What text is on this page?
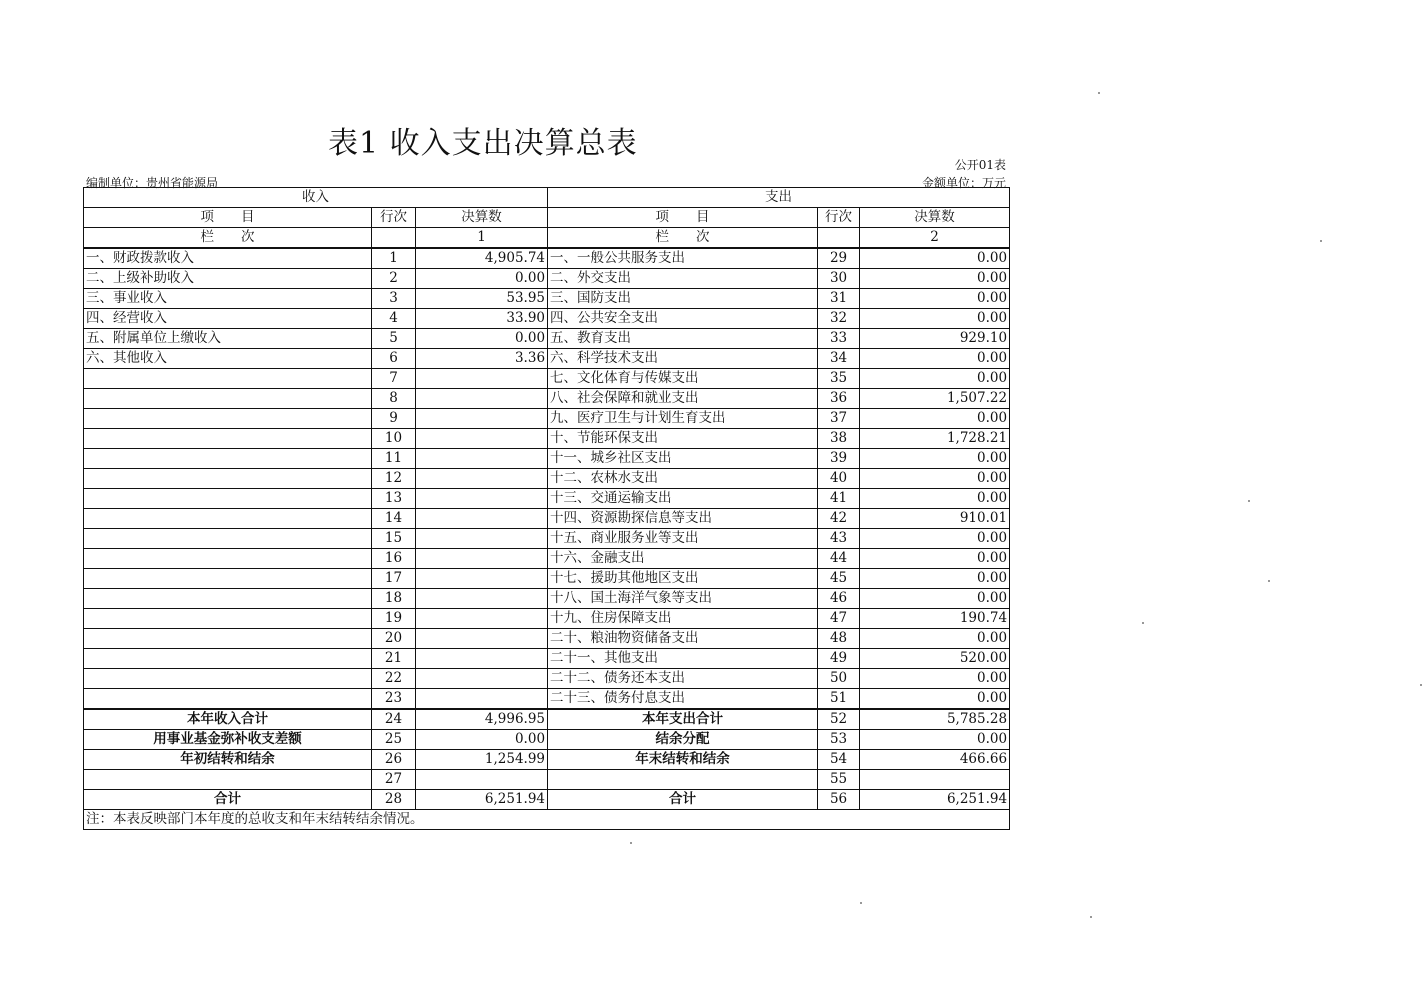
表1 收入支出决算总表
公开01表
编制单位：贵州省能源局	金额单位：万元
收入			支出		
项　　目	行次	决算数	项　　目	行次	决算数
栏　　次		1	栏　　次		2
一、财政拨款收入	1	4,905.74	一、一般公共服务支出	29	0.00
二、上级补助收入	2	0.00	二、外交支出	30	0.00
三、事业收入	3	53.95	三、国防支出	31	0.00
四、经营收入	4	33.90	四、公共安全支出	32	0.00
五、附属单位上缴收入	5	0.00	五、教育支出	33	929.10
六、其他收入	6	3.36	六、科学技术支出	34	0.00
	7		七、文化体育与传媒支出	35	0.00
	8		八、社会保障和就业支出	36	1,507.22
	9		九、医疗卫生与计划生育支出	37	0.00
	10		十、节能环保支出	38	1,728.21
	11		十一、城乡社区支出	39	0.00
	12		十二、农林水支出	40	0.00
	13		十三、交通运输支出	41	0.00
	14		十四、资源勘探信息等支出	42	910.01
	15		十五、商业服务业等支出	43	0.00
	16		十六、金融支出	44	0.00
	17		十七、援助其他地区支出	45	0.00
	18		十八、国土海洋气象等支出	46	0.00
	19		十九、住房保障支出	47	190.74
	20		二十、粮油物资储备支出	48	0.00
	21		二十一、其他支出	49	520.00
	22		二十二、债务还本支出	50	0.00
	23		二十三、债务付息支出	51	0.00
本年收入合计	24	4,996.95	本年支出合计	52	5,785.28
用事业基金弥补收支差额	25	0.00	结余分配	53	0.00
年初结转和结余	26	1,254.99	年末结转和结余	54	466.66
	27			55	
合计	28	6,251.94	合计	56	6,251.94
注：本表反映部门本年度的总收支和年末结转结余情况。					
